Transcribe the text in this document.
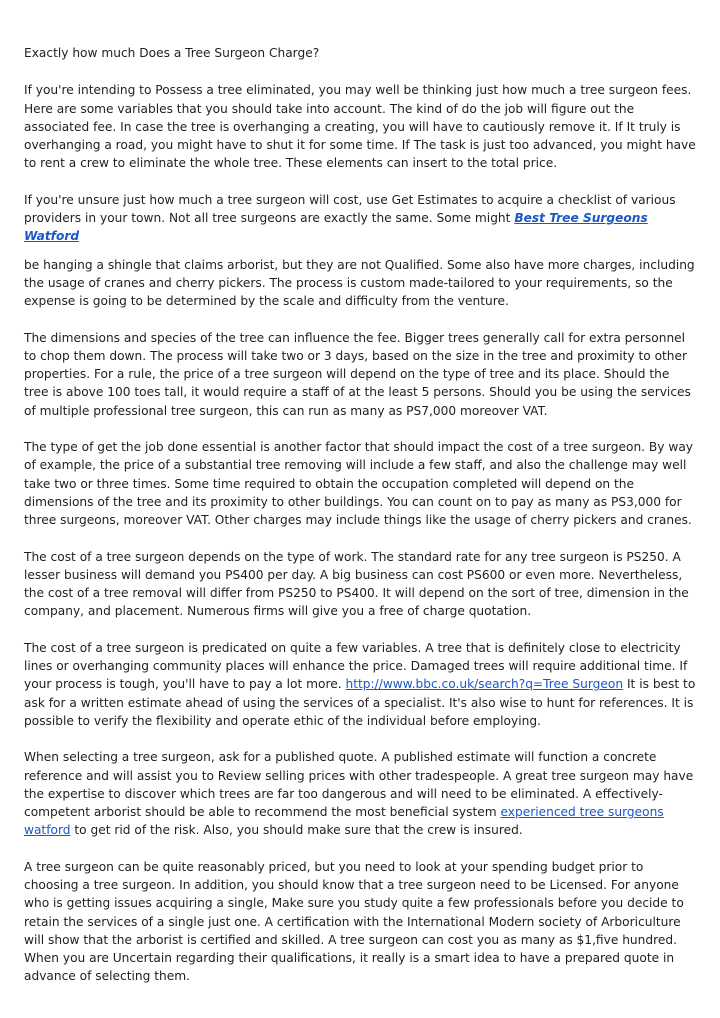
Exactly how much Does a Tree Surgeon Charge?

If you're intending to Possess a tree eliminated, you may well be thinking just how much a tree surgeon fees. Here are some variables that you should take into account. The kind of do the job will figure out the associated fee. In case the tree is overhanging a creating, you will have to cautiously remove it. If It truly is overhanging a road, you might have to shut it for some time. If The task is just too advanced, you might have to rent a crew to eliminate the whole tree. These elements can insert to the total price.

If you're unsure just how much a tree surgeon will cost, use Get Estimates to acquire a checklist of various providers in your town. Not all tree surgeons are exactly the same. Some might Best Tree Surgeons Watford

be hanging a shingle that claims arborist, but they are not Qualified. Some also have more charges, including the usage of cranes and cherry pickers. The process is custom made-tailored to your requirements, so the expense is going to be determined by the scale and difficulty from the venture.

The dimensions and species of the tree can influence the fee. Bigger trees generally call for extra personnel to chop them down. The process will take two or 3 days, based on the size in the tree and proximity to other properties. For a rule, the price of a tree surgeon will depend on the type of tree and its place. Should the tree is above 100 toes tall, it would require a staff of at the least 5 persons. Should you be using the services of multiple professional tree surgeon, this can run as many as PS7,000 moreover VAT.

The type of get the job done essential is another factor that should impact the cost of a tree surgeon. By way of example, the price of a substantial tree removing will include a few staff, and also the challenge may well take two or three times. Some time required to obtain the occupation completed will depend on the dimensions of the tree and its proximity to other buildings. You can count on to pay as many as PS3,000 for three surgeons, moreover VAT. Other charges may include things like the usage of cherry pickers and cranes.

The cost of a tree surgeon depends on the type of work. The standard rate for any tree surgeon is PS250. A lesser business will demand you PS400 per day. A big business can cost PS600 or even more. Nevertheless, the cost of a tree removal will differ from PS250 to PS400. It will depend on the sort of tree, dimension in the company, and placement. Numerous firms will give you a free of charge quotation.

The cost of a tree surgeon is predicated on quite a few variables. A tree that is definitely close to electricity lines or overhanging community places will enhance the price. Damaged trees will require additional time. If your process is tough, you'll have to pay a lot more. http://www.bbc.co.uk/search?q=Tree Surgeon It is best to ask for a written estimate ahead of using the services of a specialist. It's also wise to hunt for references. It is possible to verify the flexibility and operate ethic of the individual before employing.

When selecting a tree surgeon, ask for a published quote. A published estimate will function a concrete reference and will assist you to Review selling prices with other tradespeople. A great tree surgeon may have the expertise to discover which trees are far too dangerous and will need to be eliminated. A effectively-competent arborist should be able to recommend the most beneficial system experienced tree surgeons watford to get rid of the risk. Also, you should make sure that the crew is insured.

A tree surgeon can be quite reasonably priced, but you need to look at your spending budget prior to choosing a tree surgeon. In addition, you should know that a tree surgeon need to be Licensed. For anyone who is getting issues acquiring a single, Make sure you study quite a few professionals before you decide to retain the services of a single just one. A certification with the International Modern society of Arboriculture will show that the arborist is certified and skilled. A tree surgeon can cost you as many as $1,five hundred. When you are Uncertain regarding their qualifications, it really is a smart idea to have a prepared quote in advance of selecting them.
